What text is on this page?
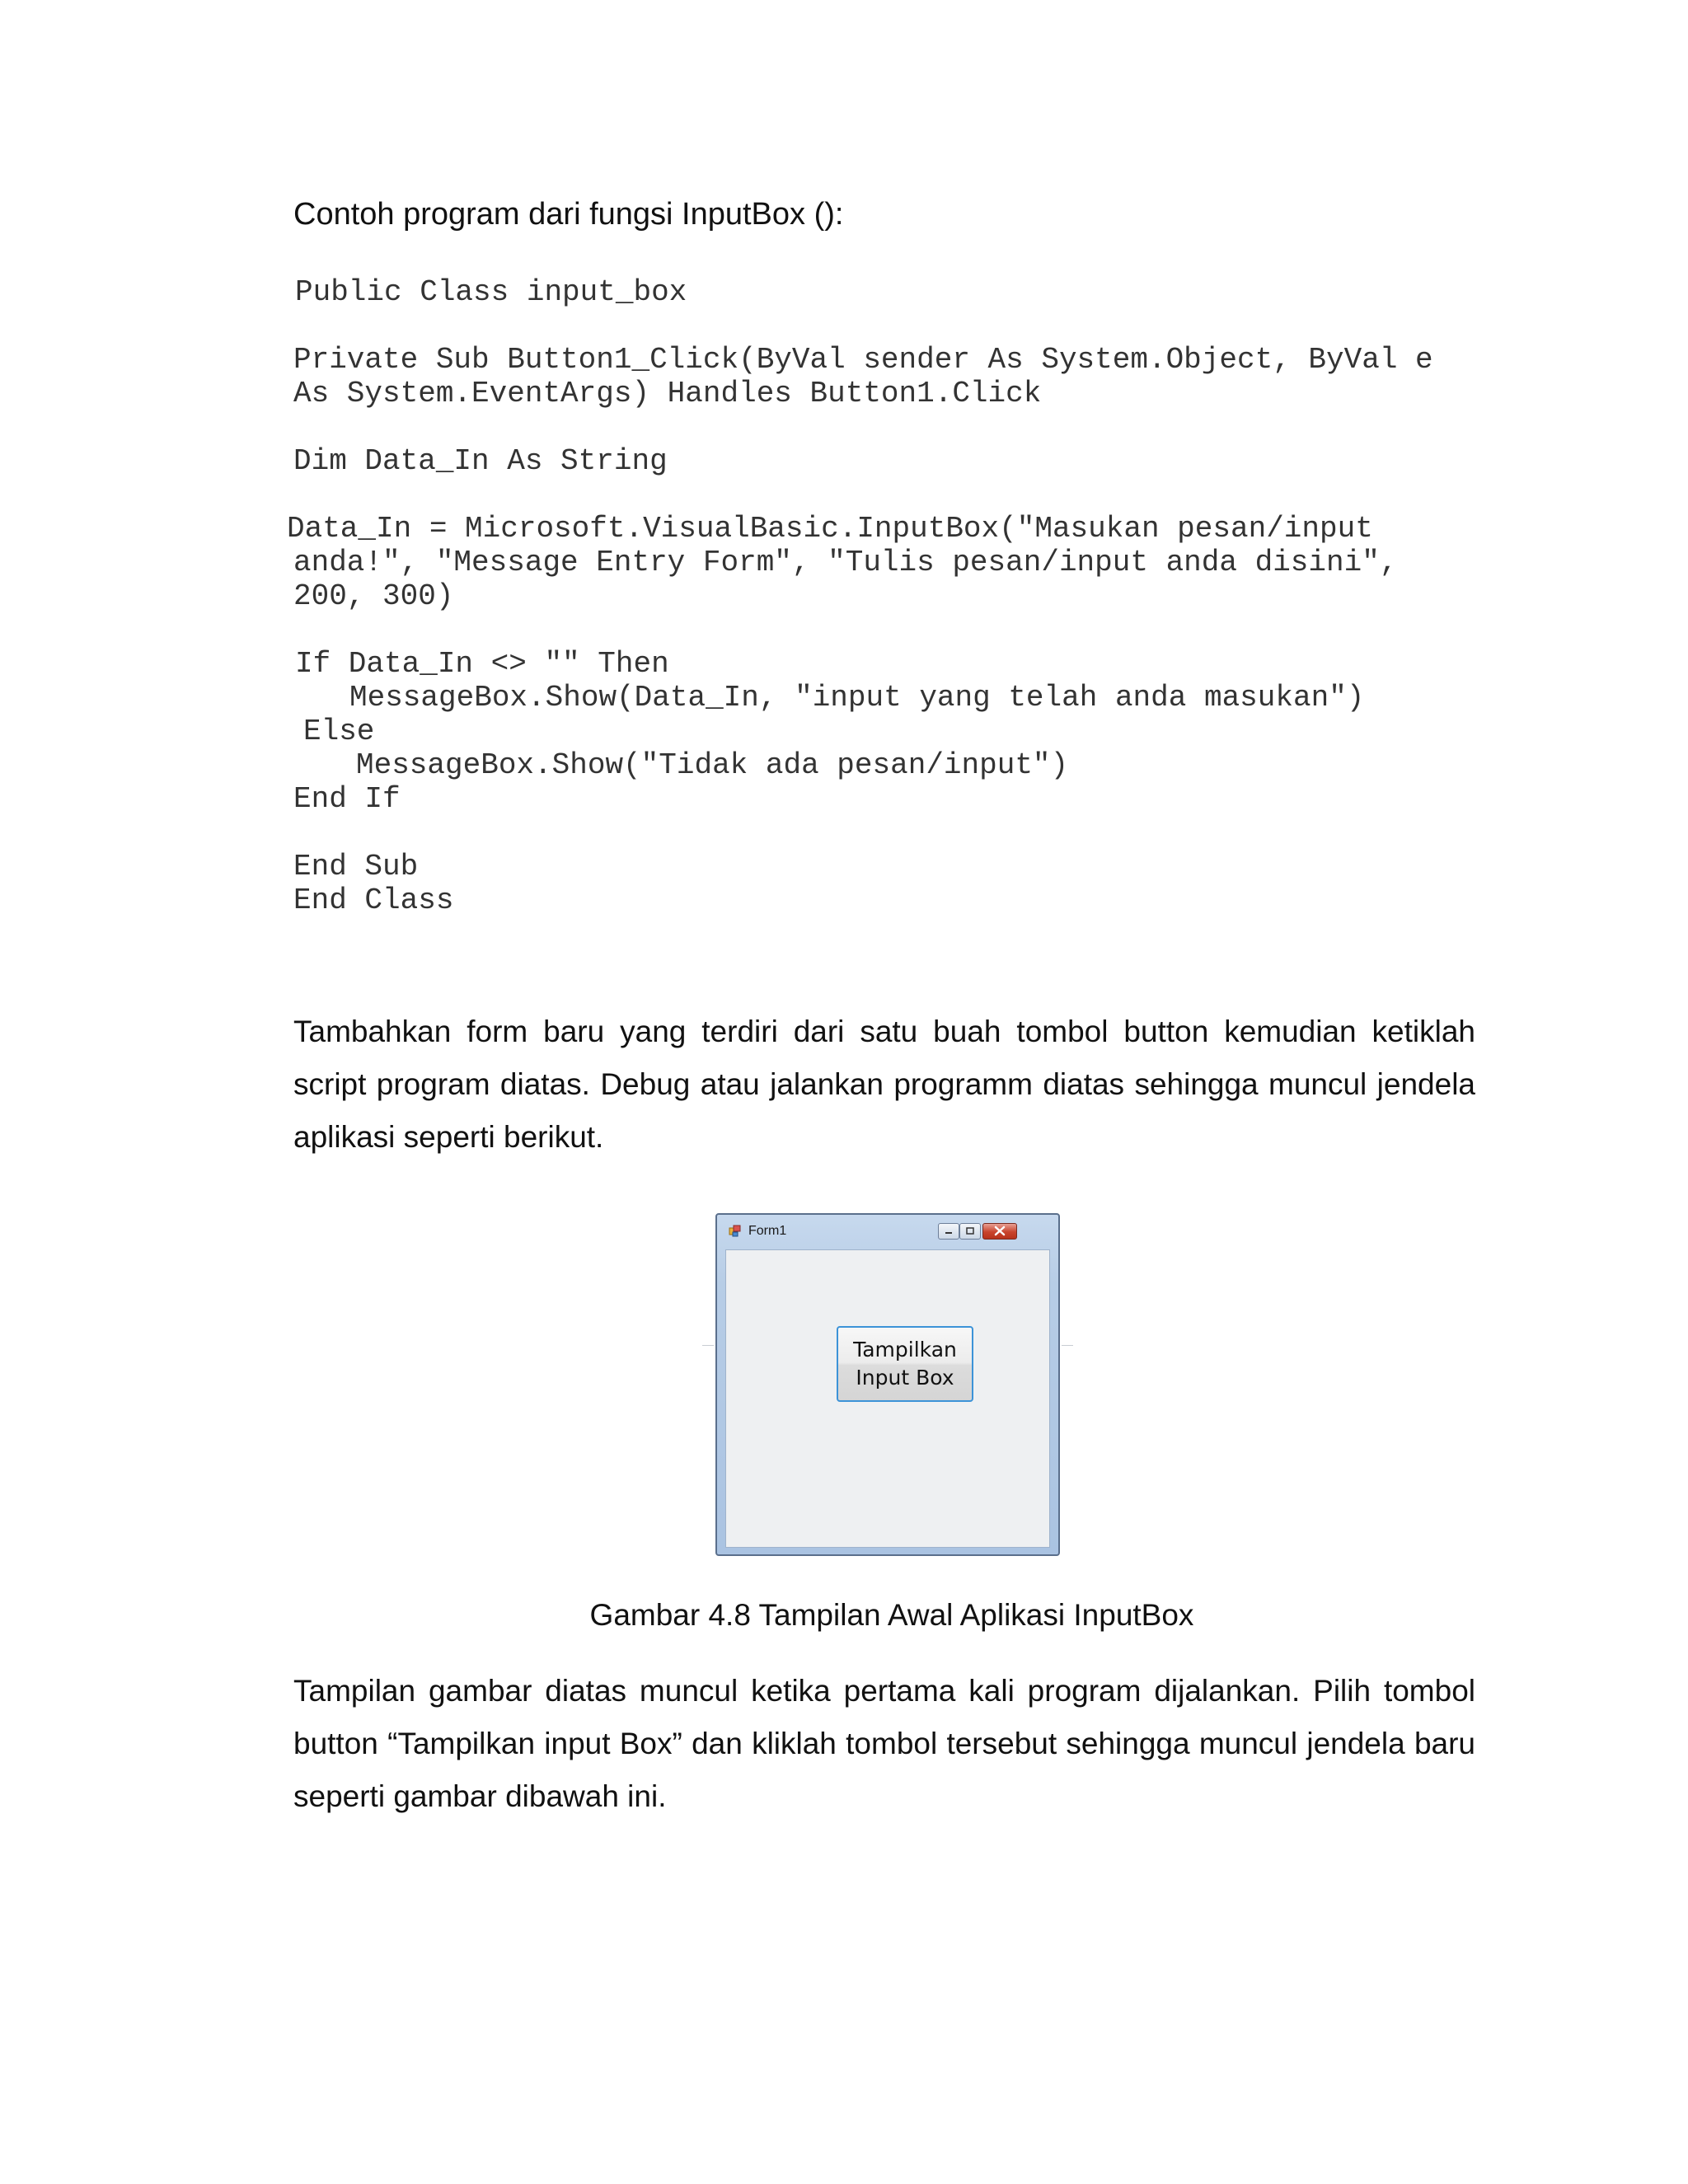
Contoh program dari fungsi InputBox ():

Public Class input_box

Private Sub Button1_Click(ByVal sender As System.Object, ByVal e

As System.EventArgs) Handles Button1.Click

Dim Data_In As String

Data_In = Microsoft.VisualBasic.InputBox("Masukan pesan/input

anda!", "Message Entry Form", "Tulis pesan/input anda disini",

200, 300)

If Data_In <> "" Then

MessageBox.Show(Data_In, "input yang telah anda masukan")

Else

MessageBox.Show("Tidak ada pesan/input")

End If

End Sub

End Class

Tambahkan form baru yang terdiri dari satu buah tombol button kemudian ketiklah script program diatas. Debug atau jalankan programm diatas sehingga muncul jendela aplikasi seperti berikut.

Form1
Tampilkan
Input Box

Gambar 4.8 Tampilan Awal Aplikasi InputBox

Tampilan gambar diatas muncul ketika pertama kali program dijalankan. Pilih tombol button “Tampilkan input Box” dan kliklah tombol tersebut sehingga muncul jendela baru seperti gambar dibawah ini.
